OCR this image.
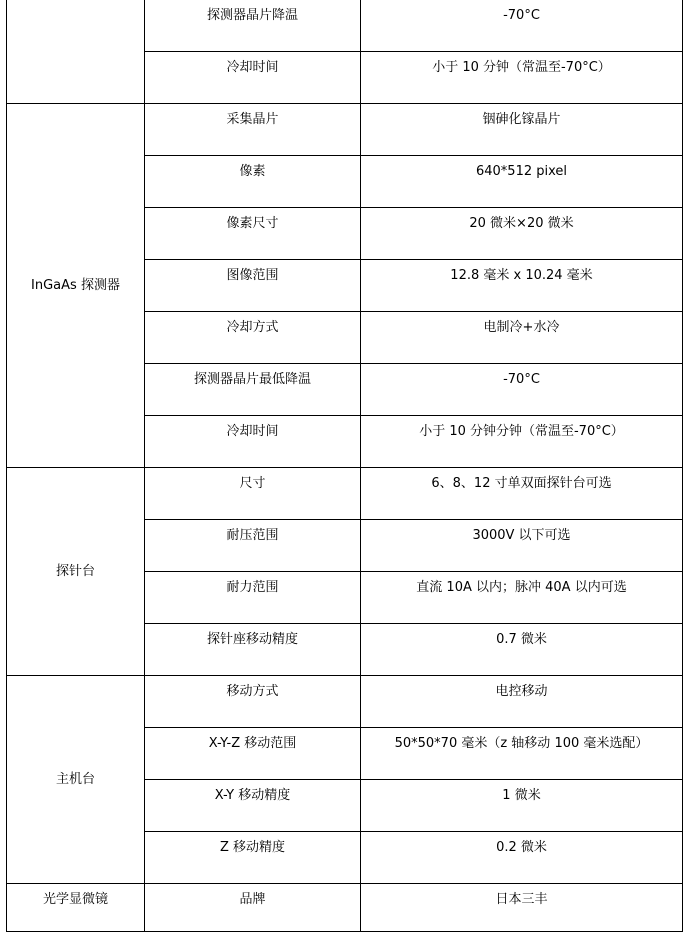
	探测器晶片降温	-70°C
	冷却时间	小于 10 分钟（常温至-70°C）
InGaAs 探测器	采集晶片	铟砷化镓晶片
	像素	640*512 pixel
	像素尺寸	20 微米×20 微米
	图像范围	12.8 毫米 x 10.24 毫米
	冷却方式	电制冷+水冷
	探测器晶片最低降温	-70°C
	冷却时间	小于 10 分钟分钟（常温至-70°C）
探针台	尺寸	6、8、12 寸单双面探针台可选
	耐压范围	3000V 以下可选
	耐力范围	直流 10A 以内；脉冲 40A 以内可选
	探针座移动精度	0.7 微米
主机台	移动方式	电控移动
	X-Y-Z 移动范围	50*50*70 毫米（z 轴移动 100 毫米选配）
	X-Y 移动精度	1 微米
	Z 移动精度	0.2 微米
光学显微镜	品牌	日本三丰
